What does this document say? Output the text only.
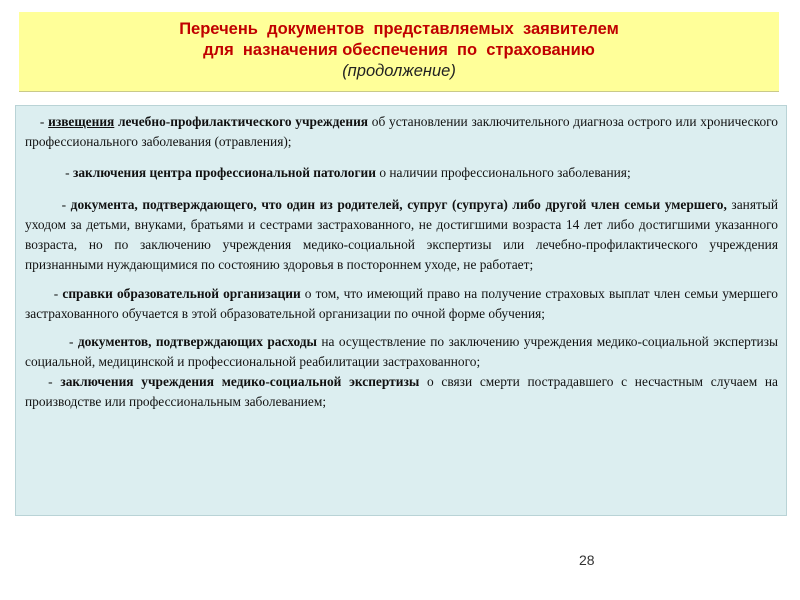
Перечень  документов  представляемых  заявителем
для  назначения обеспечения  по  страхованию

(продолжение)

- извещения лечебно-профилактического учреждения об установлении заключительного диагноза острого или хронического профессионального заболевания (отравления);

- заключения центра профессиональной патологии о наличии профессионального заболевания;

- документа, подтверждающего, что один из родителей, супруг (супруга) либо другой член семьи умершего, занятый уходом за детьми, внуками, братьями и сестрами застрахованного, не достигшими возраста 14 лет либо достигшими указанного возраста, но по заключению учреждения медико-социальной экспертизы или лечебно-профилактического учреждения признанными нуждающимися по состоянию здоровья в постороннем уходе, не работает;

- справки образовательной организации о том, что имеющий право на получение страховых выплат член семьи умершего застрахованного обучается в этой образовательной организации по очной форме обучения;

- документов, подтверждающих расходы на осуществление по заключению учреждения медико-социальной экспертизы социальной, медицинской и профессиональной реабилитации застрахованного;

- заключения учреждения медико-социальной экспертизы о связи смерти пострадавшего с несчастным случаем на производстве или профессиональным заболеванием;

28
